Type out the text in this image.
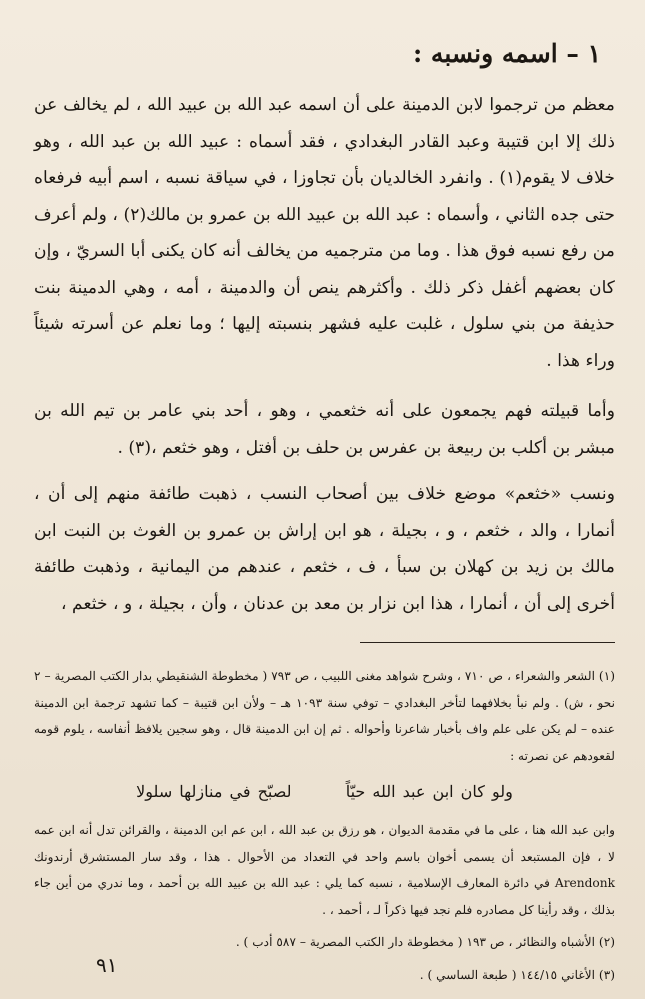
١ – اسمه ونسبه :

معظم من ترجموا لابن الدمينة على أن اسمه عبد الله بن عبيد الله ، لم يخالف عن ذلك إلا ابن قتيبة وعبد القادر البغدادي ، فقد أسماه : عبيد الله بن عبد الله ، وهو خلاف لا يقوم(١) . وانفرد الخالديان بأن تجاوزا ، في سياقة نسبه ، اسم أبيه فرفعاه حتى جده الثاني ، وأسماه : عبد الله بن عبيد الله بن عمرو بن مالك(٢) ، ولم أعرف من رفع نسبه فوق هذا . وما من مترجميه من يخالف أنه كان يكنى أبا السريّ ، وإن كان بعضهم أغفل ذكر ذلك . وأكثرهم ينص أن والدمينة ، أمه ، وهي الدمينة بنت حذيفة من بني سلول ، غلبت عليه فشهر بنسبته إليها ؛ وما نعلم عن أسرته شيئاً وراء هذا .

وأما قبيلته فهم يجمعون على أنه خثعمي ، وهو ، أحد بني عامر بن تيم الله بن مبشر بن أكلب بن ربيعة بن عفرس بن حلف بن أفتل ، وهو خثعم ،(٣) .

ونسب «خثعم» موضع خلاف بين أصحاب النسب ، ذهبت طائفة منهم إلى أن ، أنمارا ، والد ، خثعم ، و ، بجيلة ، هو ابن إراش بن عمرو بن الغوث بن النبت ابن مالك بن زيد بن كهلان بن سبأ ، ف ، خثعم ، عندهم من اليمانية ، وذهبت طائفة أخرى إلى أن ، أنمارا ، هذا ابن نزار بن معد بن عدنان ، وأن ، بجيلة ، و ، خثعم ،

(١) الشعر والشعراء ، ص ٧١٠ ، وشرح شواهد مغنى اللبيب ، ص ٧٩٣ ( مخطوطة الشنقيطي بدار الكتب المصرية – ٢ نحو ، ش) . ولم نبأ بخلافهما لتأخر البغدادي – توفي سنة ١٠٩٣ هـ – ولأن ابن قتيبة – كما تشهد ترجمة ابن الدمينة عنده – لم يكن على علم واف بأخبار شاعرنا وأحواله . ثم إن ابن الدمينة قال ، وهو سجين يلافظ أنفاسه ، يلوم قومه لقعودهم عن نصرته :

ولو كان ابن عبد الله حيّاً  لصبّح في منازلها سلولا

وابن عبد الله هنا ، على ما في مقدمة الديوان ، هو رزق بن عبد الله ، ابن عم ابن الدمينة ، والقرائن تدل أنه ابن عمه لا ، فإن المستبعد أن يسمى أخوان باسم واحد في التعداد من الأحوال . هذا ، وقد سار المستشرق أرندونك Arendonk في دائرة المعارف الإسلامية ، نسبه كما يلي : عبد الله بن عبيد الله بن أحمد ، وما ندري من أين جاء بذلك ، وقد رأينا كل مصادره فلم نجد فيها ذكراً لـ ، أحمد ، .

(٢) الأشباه والنظائر ، ص ١٩٣ ( مخطوطة دار الكتب المصرية – ٥٨٧ أدب ) .

(٣) الأغاني ١٤٤/١٥ ( طبعة الساسي ) .

٩١
